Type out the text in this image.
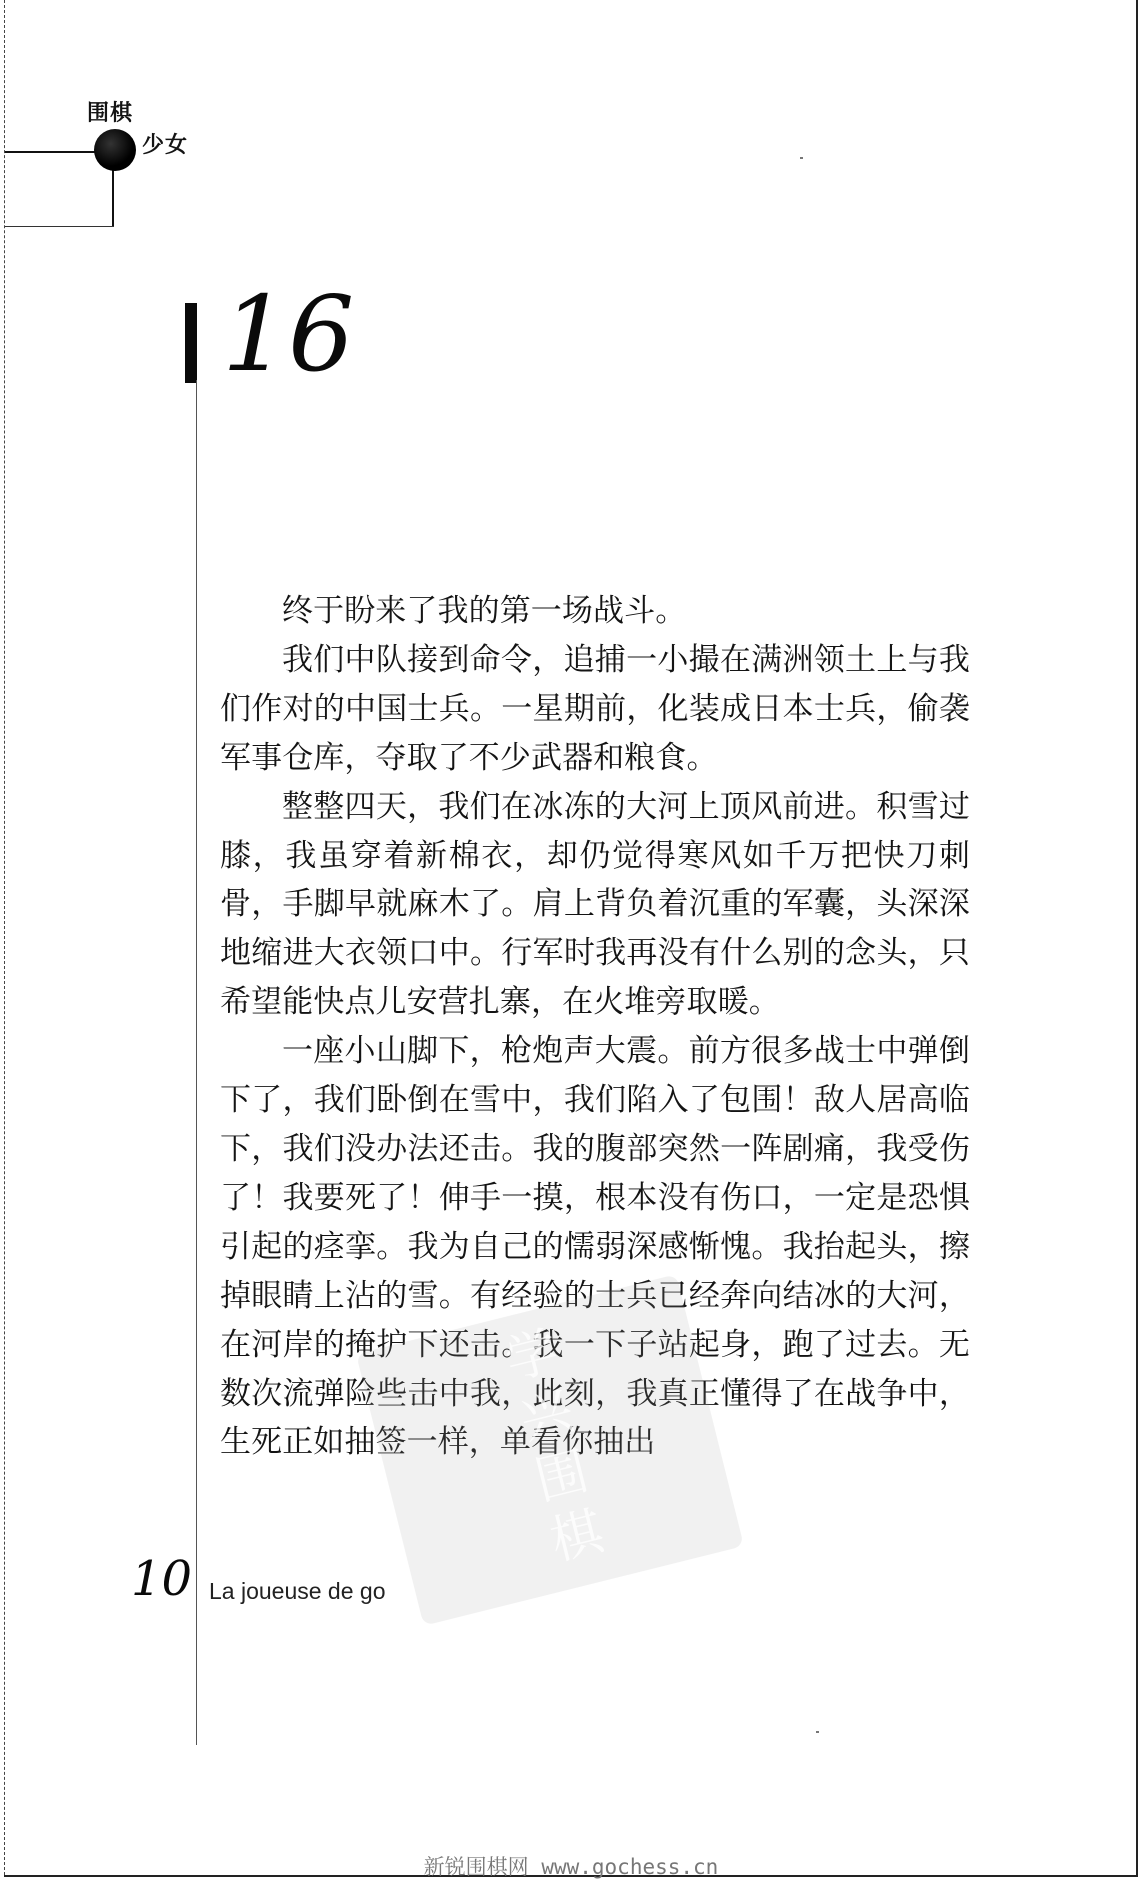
围棋
少女
16

终于盼来了我的第一场战斗。

我们中队接到命令，追捕一小撮在满洲领土上与我们作对的中国士兵。一星期前，化装成日本士兵，偷袭军事仓库，夺取了不少武器和粮食。

整整四天，我们在冰冻的大河上顶风前进。积雪过膝，我虽穿着新棉衣，却仍觉得寒风如千万把快刀刺骨，手脚早就麻木了。肩上背负着沉重的军囊，头深深地缩进大衣领口中。行军时我再没有什么别的念头，只希望能快点儿安营扎寨，在火堆旁取暖。

一座小山脚下，枪炮声大震。前方很多战士中弹倒下了，我们卧倒在雪中，我们陷入了包围！敌人居高临下，我们没办法还击。我的腹部突然一阵剧痛，我受伤了！我要死了！伸手一摸，根本没有伤口，一定是恐惧引起的痉挛。我为自己的懦弱深感惭愧。我抬起头，擦掉眼睛上沾的雪。有经验的士兵已经奔向结冰的大河，在河岸的掩护下还击。我一下子站起身，跑了过去。无数次流弹险些击中我，此刻，我真正懂得了在战争中，生死正如抽签一样，单看你抽出

学兴围棋
10 La joueuse de go
新锐围棋网 www.gochess.cn
